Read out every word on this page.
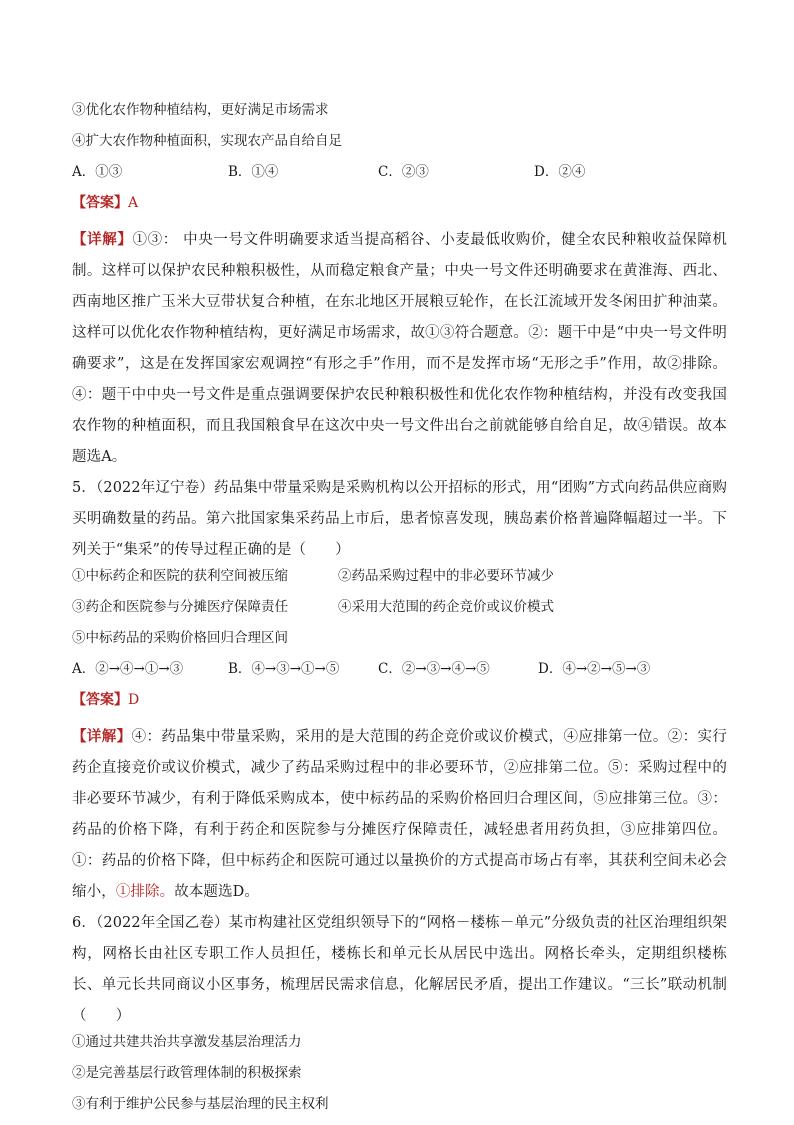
③优化农作物种植结构，更好满足市场需求

④扩大农作物种植面积，实现农产品自给自足

A．①③	B．①④	C．②③	D．②④
【答案】A

【详解】①③： 中央一号文件明确要求适当提高稻谷、小麦最低收购价，健全农民种粮收益保障机制。这样可以保护农民种粮积极性，从而稳定粮食产量；中央一号文件还明确要求在黄淮海、西北、西南地区推广玉米大豆带状复合种植，在东北地区开展粮豆轮作，在长江流域开发冬闲田扩种油菜。这样可以优化农作物种植结构，更好满足市场需求，故①③符合题意。②：题干中是“中央一号文件明确要求”，这是在发挥国家宏观调控“有形之手”作用，而不是发挥市场“无形之手”作用，故②排除。④：题干中中央一号文件是重点强调要保护农民种粮积极性和优化农作物种植结构，并没有改变我国农作物的种植面积，而且我国粮食早在这次中央一号文件出台之前就能够自给自足，故④错误。故本题选A。

5．（2022年辽宁卷）药品集中带量采购是采购机构以公开招标的形式，用“团购”方式向药品供应商购买明确数量的药品。第六批国家集采药品上市后，患者惊喜发现，胰岛素价格普遍降幅超过一半。下列关于“集采”的传导过程正确的是（　　）

①中标药企和医院的获利空间被压缩	②药品采购过程中的非必要环节减少
③药企和医院参与分摊医疗保障责任	④采用大范围的药企竞价或议价模式

⑤中标药品的采购价格回归合理区间

A．②→④→①→③	B．④→③→①→⑤	C．②→③→④→⑤	D．④→②→⑤→③
【答案】D

【详解】④：药品集中带量采购，采用的是大范围的药企竞价或议价模式，④应排第一位。②：实行药企直接竞价或议价模式，减少了药品采购过程中的非必要环节，②应排第二位。⑤：采购过程中的非必要环节减少，有利于降低采购成本，使中标药品的采购价格回归合理区间，⑤应排第三位。③：药品的价格下降，有利于药企和医院参与分摊医疗保障责任，减轻患者用药负担，③应排第四位。①：药品的价格下降，但中标药企和医院可通过以量换价的方式提高市场占有率，其获利空间未必会缩小，①排除。故本题选D。

6．（2022年全国乙卷）某市构建社区党组织领导下的“网格－楼栋－单元”分级负责的社区治理组织架构，网格长由社区专职工作人员担任，楼栋长和单元长从居民中选出。网格长牵头，定期组织楼栋长、单元长共同商议小区事务，梳理居民需求信息，化解居民矛盾，提出工作建议。“三长”联动机制（　　）

①通过共建共治共享激发基层治理活力

②是完善基层行政管理体制的积极探索

③有利于维护公民参与基层治理的民主权利
